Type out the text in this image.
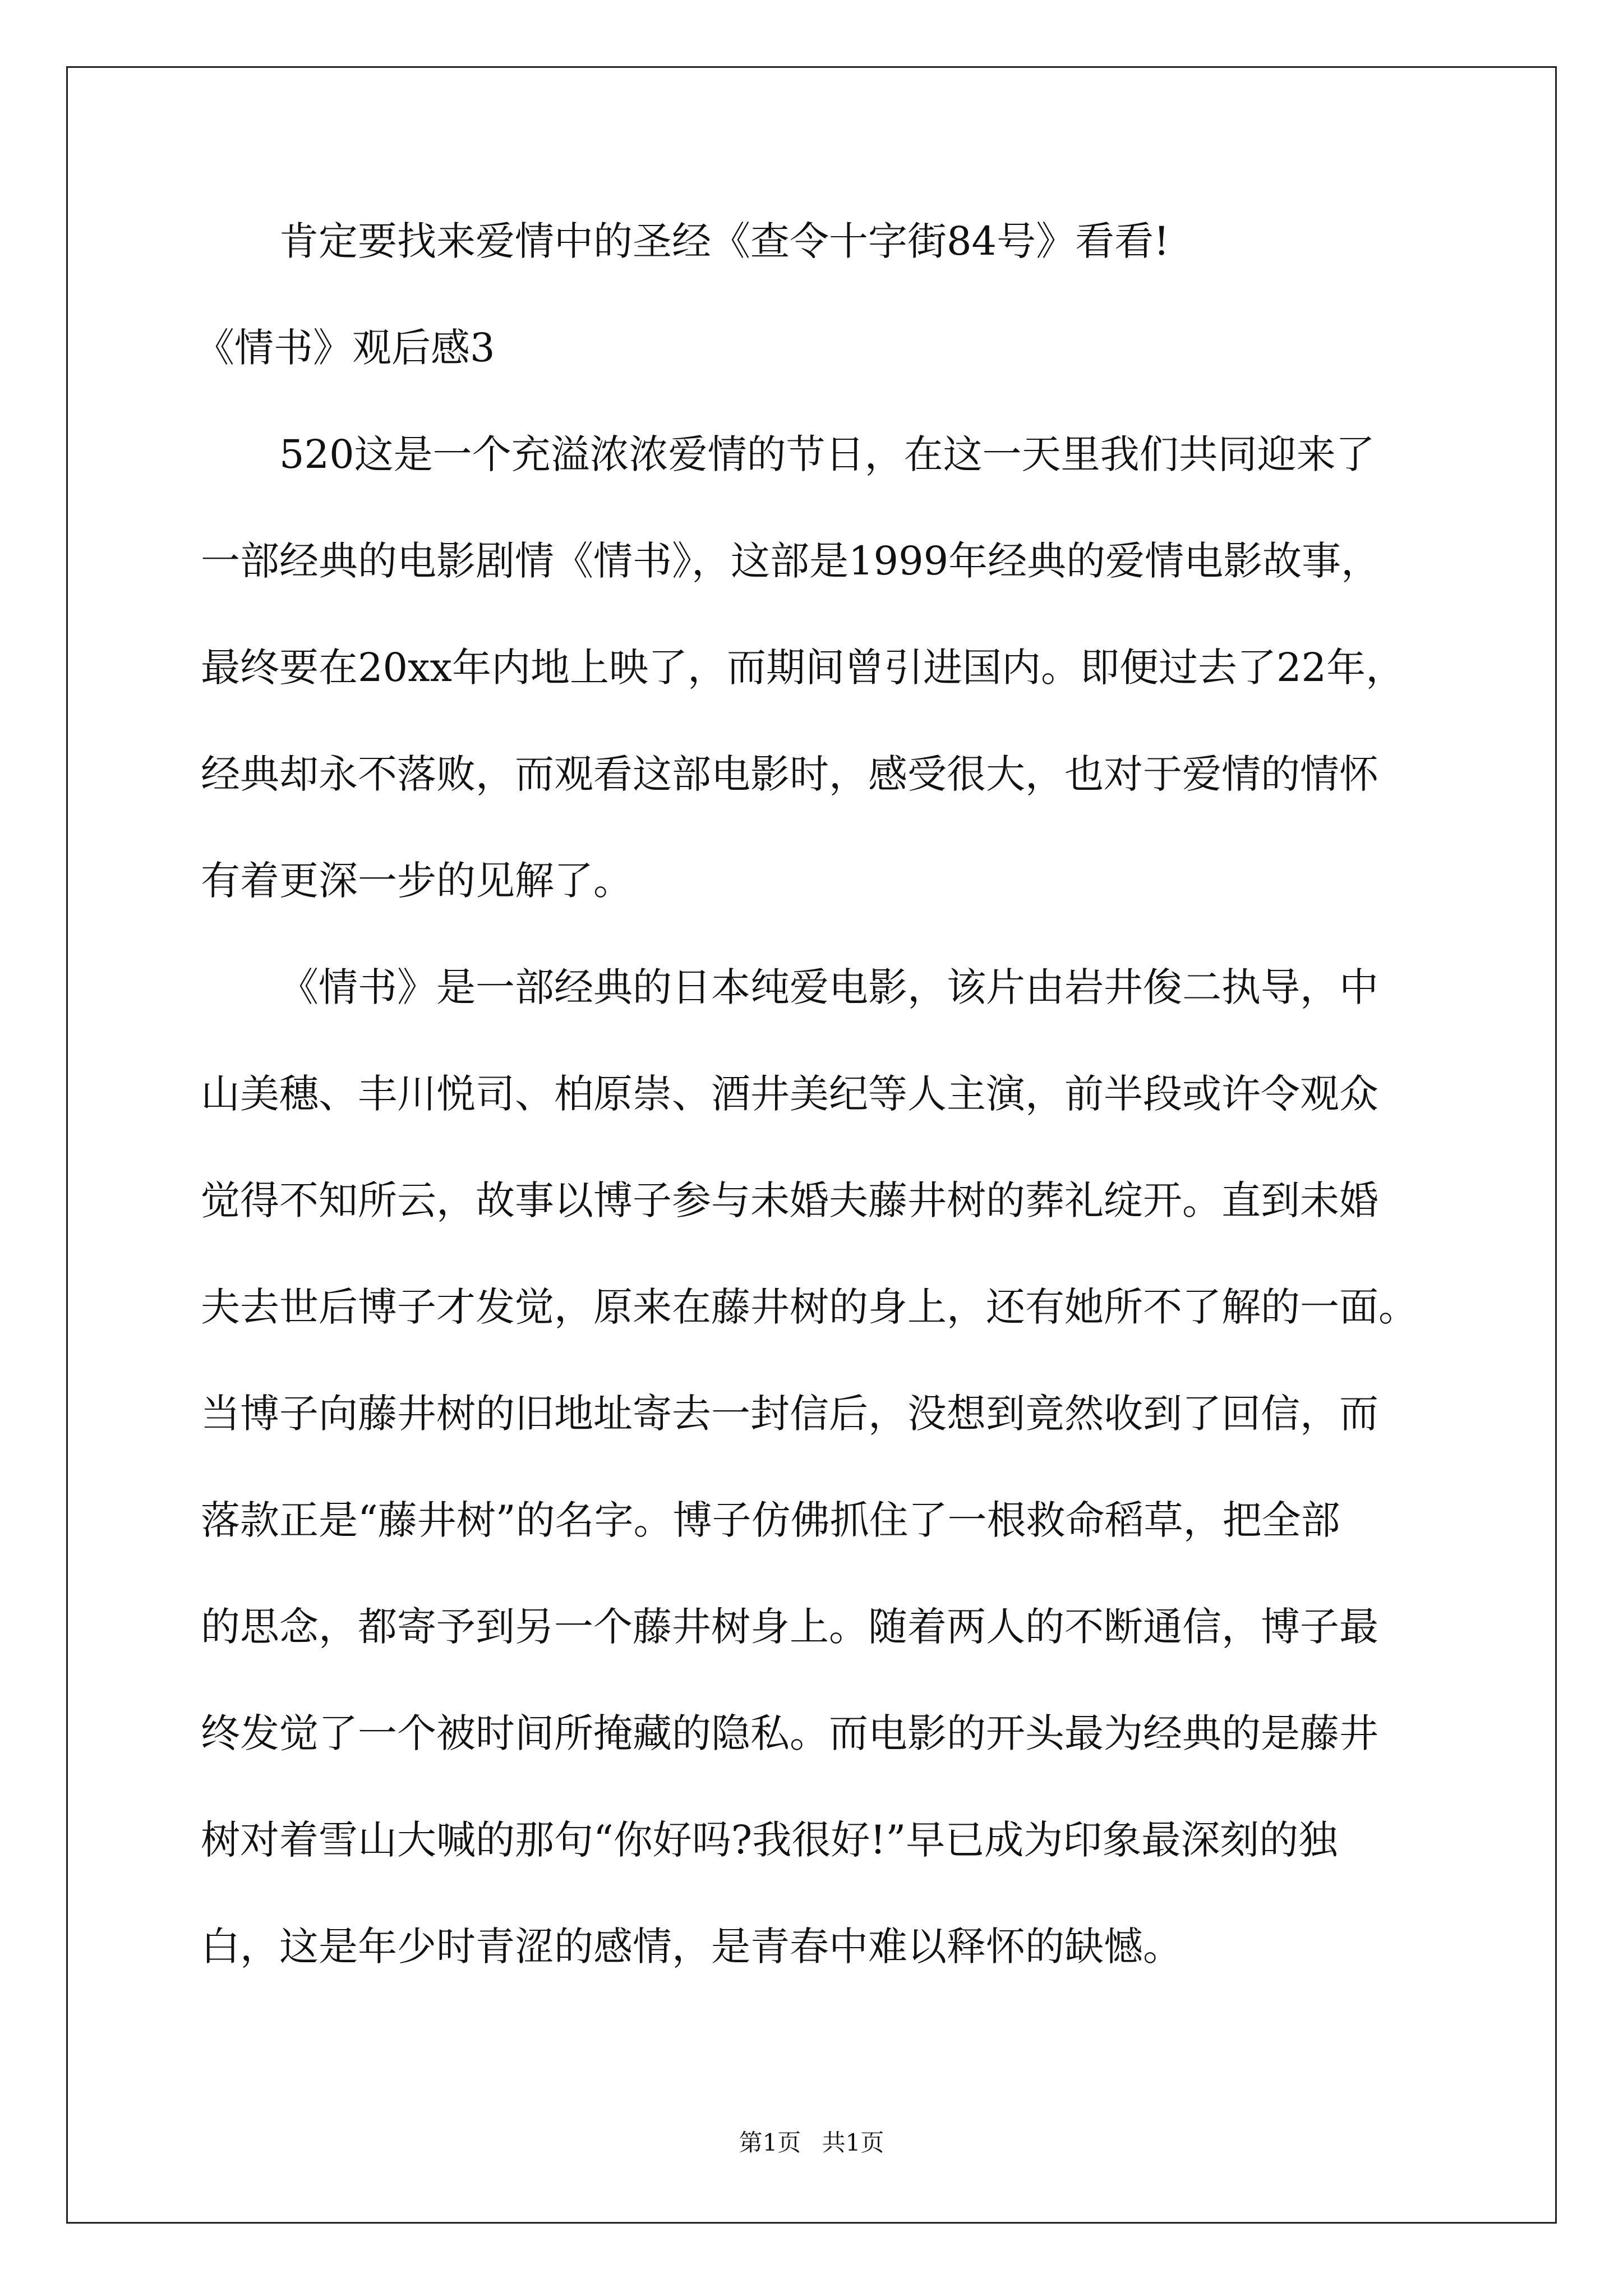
肯定要找来爱情中的圣经《查令十字街84号》看看!
《情书》观后感3
520这是一个充溢浓浓爱情的节日，在这一天里我们共同迎来了
一部经典的电影剧情《情书》，这部是1999年经典的爱情电影故事，
最终要在20xx年内地上映了，而期间曾引进国内。即便过去了22年，
经典却永不落败，而观看这部电影时，感受很大，也对于爱情的情怀
有着更深一步的见解了。
《情书》是一部经典的日本纯爱电影，该片由岩井俊二执导，中
山美穗、丰川悦司、柏原崇、酒井美纪等人主演，前半段或许令观众
觉得不知所云，故事以博子参与未婚夫藤井树的葬礼绽开。直到未婚
夫去世后博子才发觉，原来在藤井树的身上，还有她所不了解的一面。
当博子向藤井树的旧地址寄去一封信后，没想到竟然收到了回信，而
落款正是“藤井树”的名字。博子仿佛抓住了一根救命稻草，把全部
的思念，都寄予到另一个藤井树身上。随着两人的不断通信，博子最
终发觉了一个被时间所掩藏的隐私。而电影的开头最为经典的是藤井
树对着雪山大喊的那句“你好吗?我很好!”早已成为印象最深刻的独
白，这是年少时青涩的感情，是青春中难以释怀的缺憾。
第1页 共1页
